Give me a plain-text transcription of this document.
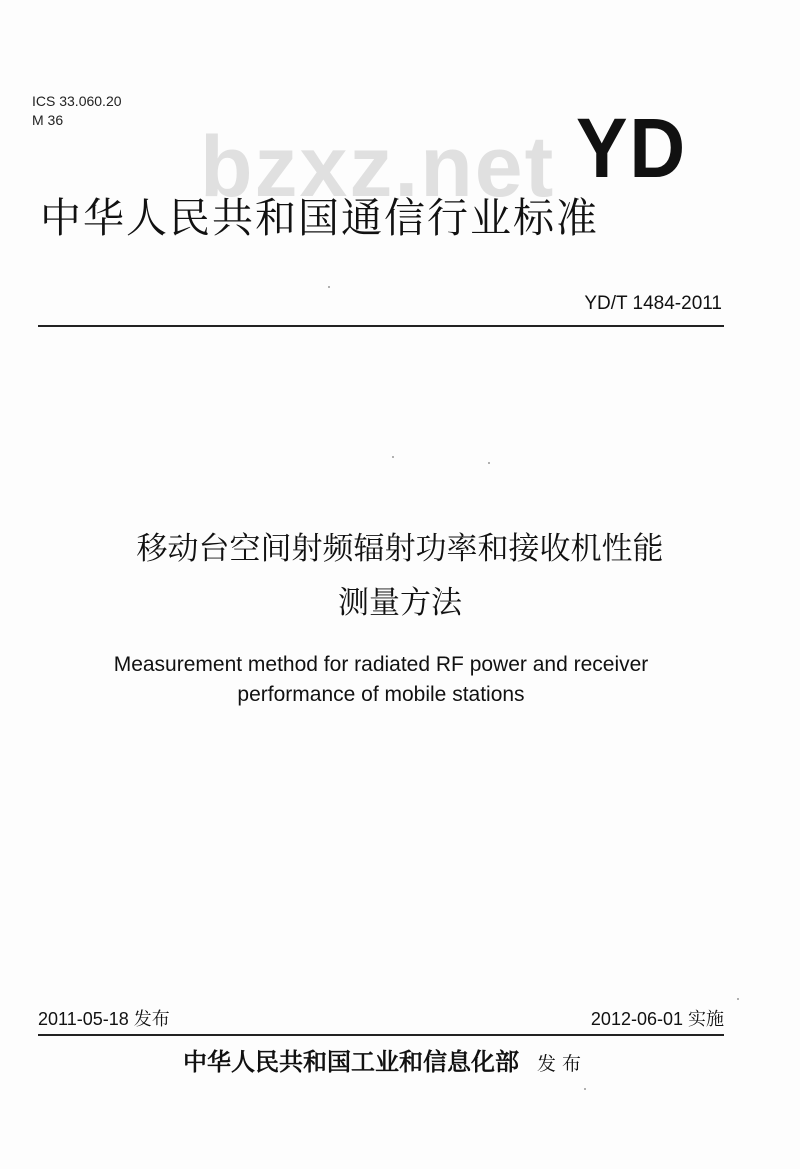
ICS 33.060.20
M 36	bzxz.net YD
中华人民共和国通信行业标准
YD/T 1484-2011
移动台空间射频辐射功率和接收机性能
测量方法
Measurement method for radiated RF power and receiver
performance of mobile stations
2011-05-18 发布	2012-06-01 实施
中华人民共和国工业和信息化部 发布
